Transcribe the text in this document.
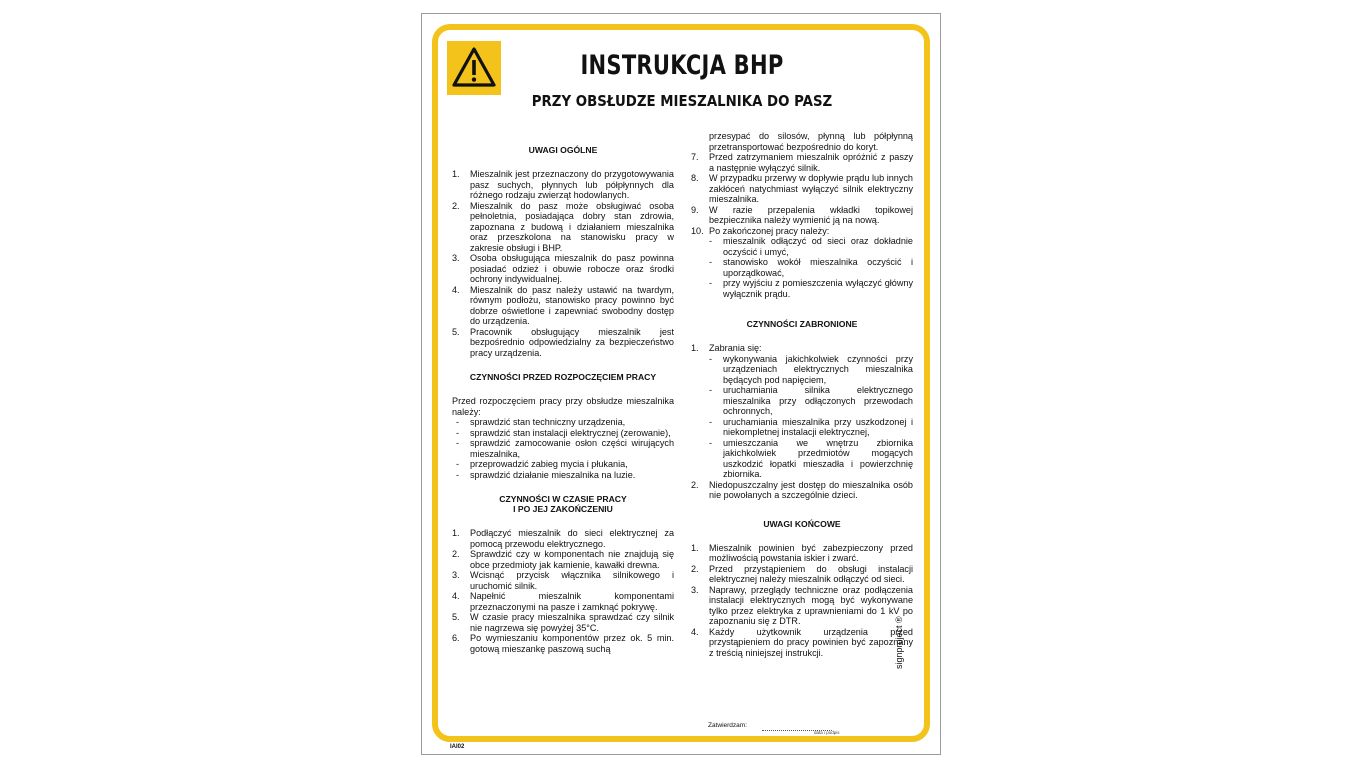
INSTRUKCJA BHP
PRZY OBSŁUDZE MIESZALNIKA DO PASZ
UWAGI OGÓLNE
1. Mieszalnik jest przeznaczony do przygotowywania pasz suchych, płynnych lub półpłynnych dla różnego rodzaju zwierząt hodowlanych.
2. Mieszalnik do pasz może obsługiwać osoba pełnoletnia, posiadająca dobry stan zdrowia, zapoznana z budową i działaniem mieszalnika oraz przeszkolona na stanowisku pracy w zakresie obsługi i BHP.
3. Osoba obsługująca mieszalnik do pasz powinna posiadać odzież i obuwie robocze oraz środki ochrony indywidualnej.
4. Mieszalnik do pasz należy ustawić na twardym, równym podłożu, stanowisko pracy powinno być dobrze oświetlone i zapewniać swobodny dostęp do urządzenia.
5. Pracownik obsługujący mieszalnik jest bezpośrednio odpowiedzialny za bezpieczeństwo pracy urządzenia.
CZYNNOŚCI PRZED ROZPOCZĘCIEM PRACY
Przed rozpoczęciem pracy przy obsłudze mieszalnika należy:
- sprawdzić stan techniczny urządzenia,
- sprawdzić stan instalacji elektrycznej (zerowanie),
- sprawdzić zamocowanie osłon części wirujących mieszalnika,
- przeprowadzić zabieg mycia i płukania,
- sprawdzić działanie mieszalnika na luzie.
CZYNNOŚCI W CZASIE PRACY
I PO JEJ ZAKOŃCZENIU
1. Podłączyć mieszalnik do sieci elektrycznej za pomocą przewodu elektrycznego.
2. Sprawdzić czy w komponentach nie znajdują się obce przedmioty jak kamienie, kawałki drewna.
3. Wcisnąć przycisk włącznika silnikowego i uruchomić silnik.
4. Napełnić mieszalnik komponentami przeznaczonymi na pasze i zamknąć pokrywę.
5. W czasie pracy mieszalnika sprawdzać czy silnik nie nagrzewa się powyżej 35°C.
6. Po wymieszaniu komponentów przez ok. 5 min. gotową mieszankę paszową suchą
przesypać do silosów, płynną lub półpłynną przetransportować bezpośrednio do koryt.
7. Przed zatrzymaniem mieszalnik opróżnić z paszy a następnie wyłączyć silnik.
8. W przypadku przerwy w dopływie prądu lub innych zakłóceń natychmiast wyłączyć silnik elektryczny mieszalnika.
9. W razie przepalenia wkładki topikowej bezpiecznika należy wymienić ją na nową.
10. Po zakończonej pracy należy:
- mieszalnik odłączyć od sieci oraz dokładnie oczyścić i umyć,
- stanowisko wokół mieszalnika oczyścić i uporządkować,
- przy wyjściu z pomieszczenia wyłączyć główny wyłącznik prądu.
CZYNNOŚCI ZABRONIONE
1. Zabrania się:
- wykonywania jakichkolwiek czynności przy urządzeniach elektrycznych mieszalnika będących pod napięciem,
- uruchamiania silnika elektrycznego mieszalnika przy odłączonych przewodach ochronnych,
- uruchamiania mieszalnika przy uszkodzonej i niekompletnej instalacji elektrycznej,
- umieszczania we wnętrzu zbiornika jakichkolwiek przedmiotów mogących uszkodzić łopatki mieszadła i powierzchnię zbiornika.
2. Niedopuszczalny jest dostęp do mieszalnika osób nie powołanych a szczególnie dzieci.
UWAGI KOŃCOWE
1. Mieszalnik powinien być zabezpieczony przed możliwością powstania iskier i zwarć.
2. Przed przystąpieniem do obsługi instalacji elektrycznej należy mieszalnik odłączyć od sieci.
3. Naprawy, przeglądy techniczne oraz podłączenia instalacji elektrycznych mogą być wykonywane tylko przez elektryka z uprawnieniami do 1 kV po zapoznaniu się z DTR.
4. Każdy użytkownik urządzenia przed przystąpieniem do pracy powinien być zapoznany z treścią niniejszej instrukcji.
Zatwierdzam:
data i podpis
IAI02
signproject ®
